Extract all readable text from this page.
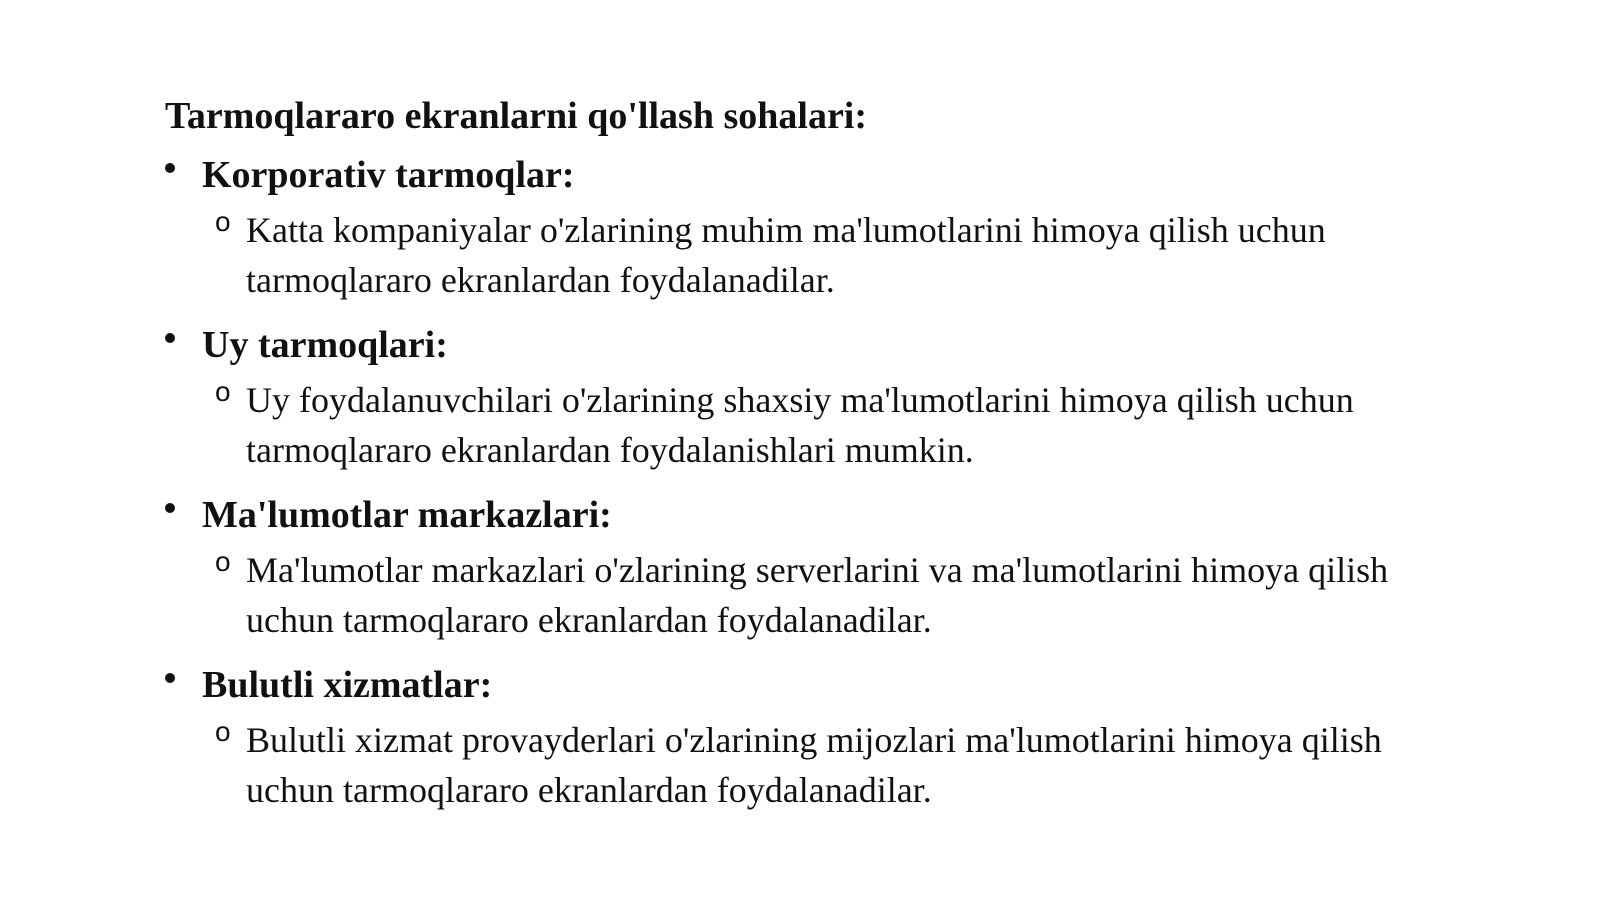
Tarmoqlararo ekranlarni qo'llash sohalari:
Korporativ tarmoqlar:
o Katta kompaniyalar o'zlarining muhim ma'lumotlarini himoya qilish uchun tarmoqlararo ekranlardan foydalanadilar.
Uy tarmoqlari:
o Uy foydalanuvchilari o'zlarining shaxsiy ma'lumotlarini himoya qilish uchun tarmoqlararo ekranlardan foydalanishlari mumkin.
Ma'lumotlar markazlari:
o Ma'lumotlar markazlari o'zlarining serverlarini va ma'lumotlarini himoya qilish uchun tarmoqlararo ekranlardan foydalanadilar.
Bulutli xizmatlar:
o Bulutli xizmat provayderlari o'zlarining mijozlari ma'lumotlarini himoya qilish uchun tarmoqlararo ekranlardan foydalanadilar.
